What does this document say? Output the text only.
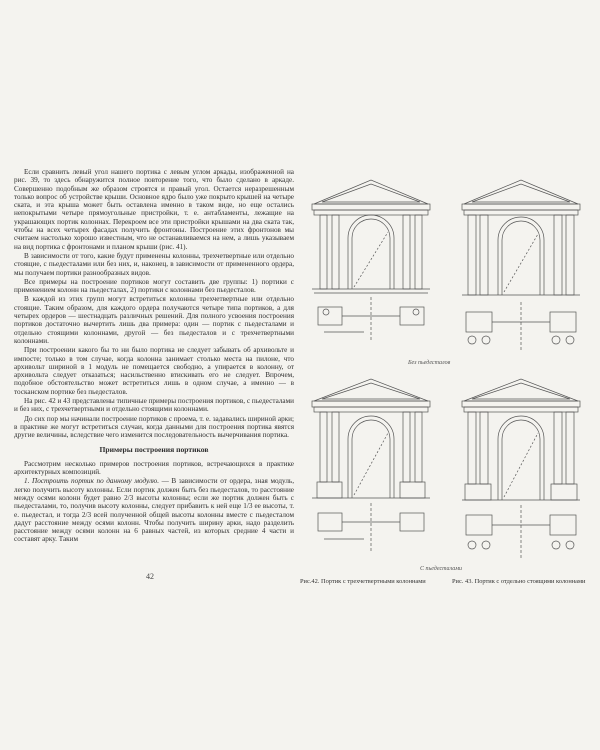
Если сравнить левый угол нашего портика с левым углом аркады, изображенной на рис. 39, то здесь обнаружится полное повторение того, что было сделано в аркаде. Совершенно подобным же образом строятся и правый угол. Остается неразрешенным только вопрос об устройстве крыши. Основное ядро было уже покрыто крышей на четыре ската, и эта крыша может быть оставлена именно в таком виде, но еще остались непокрытыми четыре прямоугольные пристройки, т. е. антабламенты, лежащие на украшающих портик колоннах. Перекроем все эти пристройки крышами на два ската так, чтобы на всех четырех фасадах получить фронтоны. Построение этих фронтонов мы считаем настолько хорошо известным, что не останавливаемся на нем, а лишь указываем на вид портика с фронтонами и планом крыши (рис. 41).

В зависимости от того, какие будут применены колонны, трехчетвертные или отдельно стоящие, с пьедесталами или без них, и, наконец, в зависимости от примененного ордера, мы получаем портики разнообразных видов.

Все примеры на построение портиков могут составить две группы: 1) портики с применением колонн на пьедесталах, 2) портики с колоннами без пьедесталов.

В каждой из этих групп могут встретиться колонны трехчетвертные или отдельно стоящие. Таким образом, для каждого ордера получаются четыре типа портиков, а для четырех ордеров — шестнадцать различных решений. Для полного усвоения построения портиков достаточно вычертить лишь два примера: один — портик с пьедесталами и отдельно стоящими колоннами, другой — без пьедесталов и с трехчетвертными колоннами.

При построении какого бы то ни было портика не следует забывать об архивольте и импосте; только в том случае, когда колонна занимает столько места на пилоне, что архивольт шириной в 1 модуль не помещается свободно, а упирается в колонну, от архивольта следует отказаться; насильственно втискивать его не следует. Впрочем, подобное обстоятельство может встретиться лишь в одном случае, а именно — в тосканском портике без пьедесталов.

На рис. 42 и 43 представлены типичные примеры построения портиков, с пьедесталами и без них, с трехчетвертными и отдельно стоящими колоннами.

До сих пор мы начинали построение портиков с проема, т. е. задавались шириной арки; в практике же могут встретиться случаи, когда данными для построения портика явятся другие величины, вследствие чего изменится последовательность вычерчивания портика.

Примеры построения портиков

Рассмотрим несколько примеров построения портиков, встречающихся в практике архитектурных композиций.

1. Построить портик по данному модулю. — В зависимости от ордера, зная модуль, легко получить высоту колонны. Если портик должен быть без пьедесталов, то расстояние между осями колонн будет равно 2/3 высоты колонны; если же портик должен быть с пьедесталами, то, получив высоту колонны, следует прибавить к ней еще 1/3 ее высоты, т. е. пьедестал, и тогда 2/3 всей полученной общей высоты колонны вместе с пьедесталом дадут расстояние между осями колонн. Чтобы получить ширину арки, надо разделить расстояние между осями колонн на 6 равных частей, из которых средние 4 части и составят арку. Таким

42
Без пьедесталов
С пьедесталами
Рис.42. Портик с трехчетвертными колоннами	Рис. 43. Портик с отдельно стоящими колоннами
